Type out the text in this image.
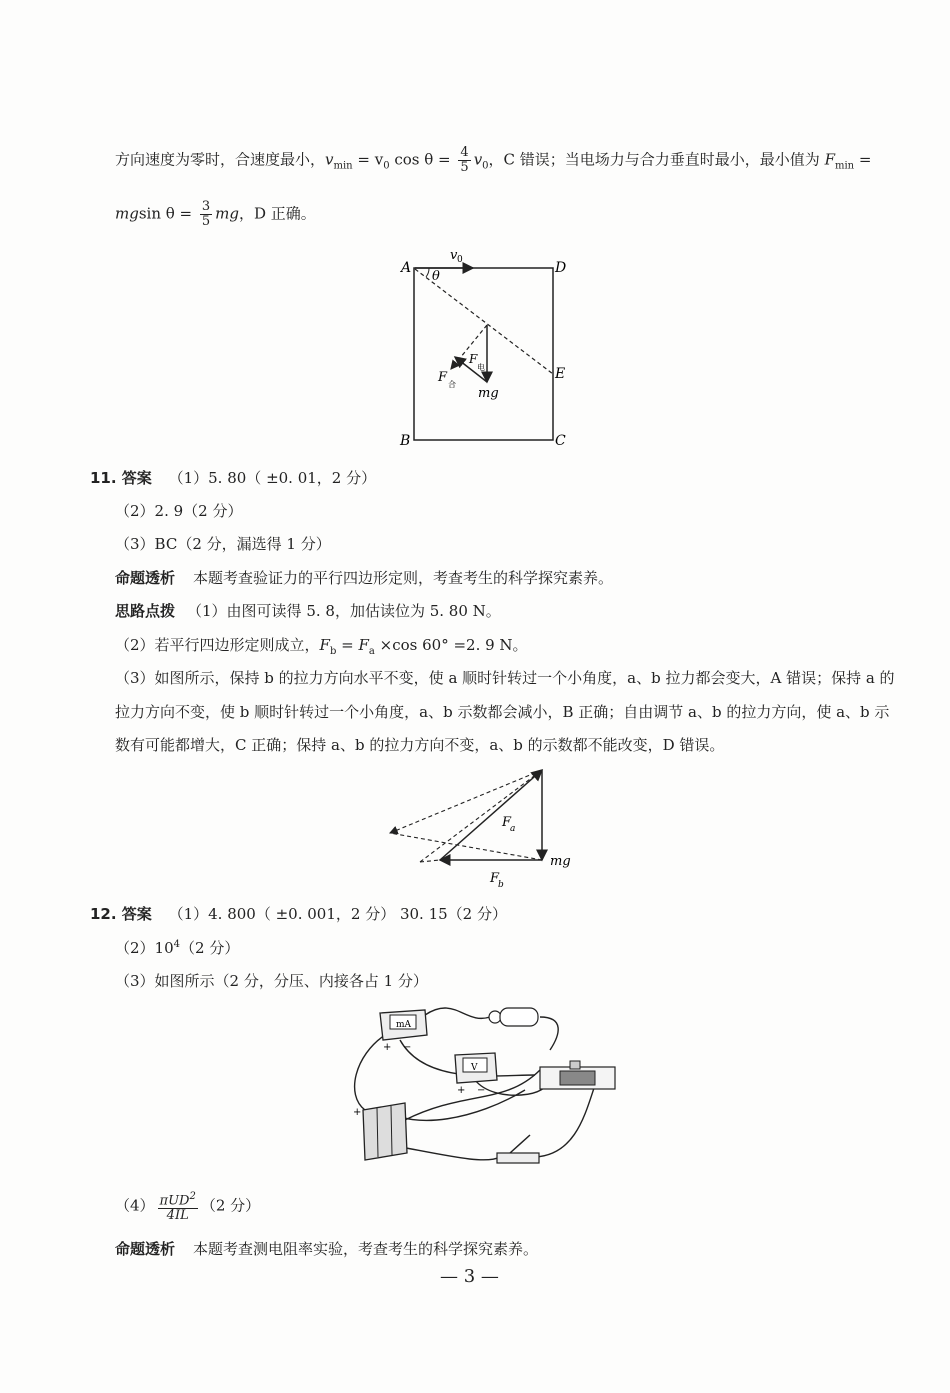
方向速度为零时，合速度最小，$v_{min} = v_0$ $\cos \theta = \frac{4}{5} v_0$，C 错误；当电场力与合力垂直时最小，最小值为 $F_{min}$ =
mgsin $\theta = \frac{3}{5}$ mg，D 正确。
A	D
E
B	C
v 0
θ
F
电
F 合
mg
11. 答案 （1）5. 80（ ±0. 01，2 分）
（2）2. 9（2 分）
（3）BC（2 分，漏选得 1 分）
命题透析 本题考查验证力的平行四边形定则，考查考生的科学探究素养。
思路点拨 （1）由图可读得 5. 8，加估读位为 5. 80 N。
（2）若平行四边形定则成立，$F_b = F_a \times\cos$ 60° =2. 9 N。
（3）如图所示，保持 b 的拉力方向水平不变，使 a 顺时针转过一个小角度，a、b 拉力都会变大，A 错误；保持 a 的
拉力方向不变，使 b 顺时针转过一个小角度，a、b 示数都会减小，B 正确；自由调节 a、b 的拉力方向，使 a、b 示
数有可能都增大，C 正确；保持 a、b 的拉力方向不变，a、b 的示数都不能改变，D 错误。
F
a
mg
F
b
12. 答案 （1）4. 800（ ±0. 001，2 分） 30. 15（2 分）
$(2)10^4(2$ 分）
（3）如图所示（2 分，分压、内接各占 1 分）
mA
+ −
V
+ −
+
$(4) \frac{\pi UD^2}{4IL} (2$ 分）
命题透析 本题考查测电阻率实验，考查考生的科学探究素养。
— 3 —
